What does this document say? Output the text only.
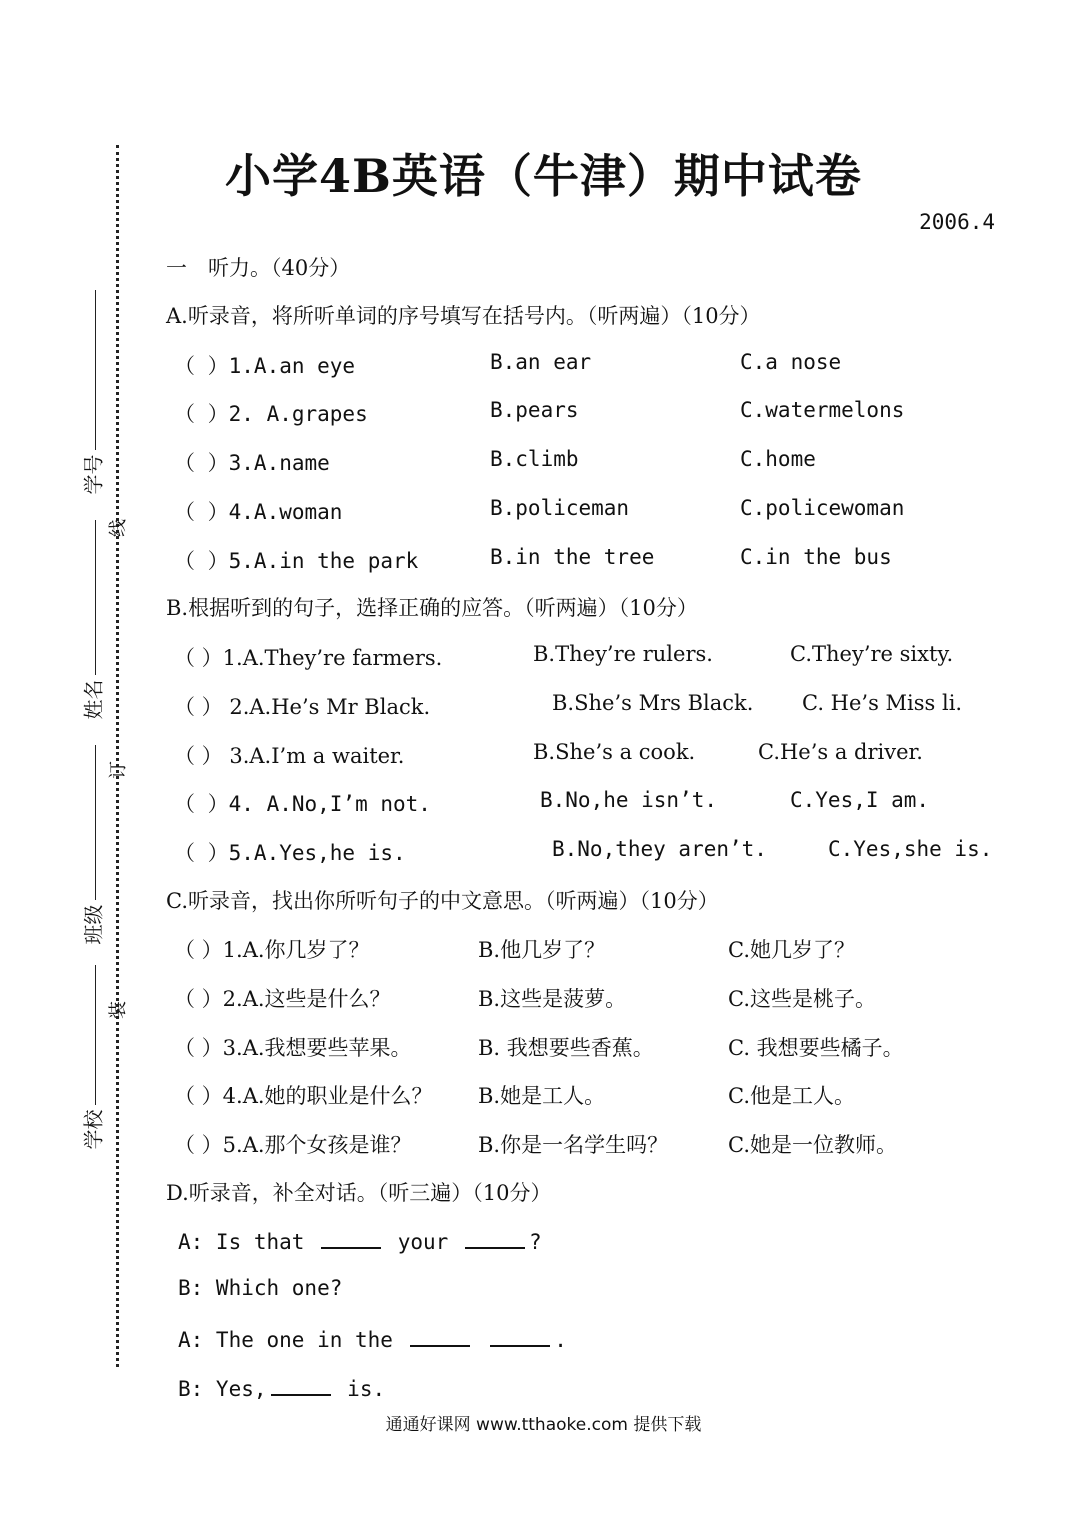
学号
姓名
班级
学校
线
订
装
小学4B英语（牛津）期中试卷
2006.4
一　听力。（40分）
A.听录音，将所听单词的序号填写在括号内。（听两遍）（10分）
（ ）1.A.an eye	B.an ear	C.a nose
（ ）2. A.grapes	B.pears	C.watermelons
（ ）3.A.name	B.climb	C.home
（ ）4.A.woman	B.policeman	C.policewoman
（ ）5.A.in the park	B.in the tree	C.in the bus
B.根据听到的句子，选择正确的应答。（听两遍）（10分）
（ ）1.A.They’re farmers.	B.They’re rulers.	C.They’re sixty.
（ ） 2.A.He’s Mr Black.	B.She’s Mrs Black. C. He’s Miss li.
（ ） 3.A.I’m a waiter.	B.She’s a cook.	C.He’s a driver.
（ ）4. A.No,I’m not.	B.No,he isn’t.	C.Yes,I am.
（ ）5.A.Yes,he is.	B.No,they aren’t.	C.Yes,she is.
C.听录音，找出你所听句子的中文意思。（听两遍）（10分）
（ ）1.A.你几岁了？	B.他几岁了？	C.她几岁了？
（ ）2.A.这些是什么？	B.这些是菠萝。	C.这些是桃子。
（ ）3.A.我想要些苹果。	B. 我想要些香蕉。	C. 我想要些橘子。
（ ）4.A.她的职业是什么？ B.她是工人。	C.他是工人。
（ ）5.A.那个女孩是谁？	B.你是一名学生吗？	C.她是一位教师。
D.听录音，补全对话。（听三遍）（10分）
A: Is that	your	?
B: Which one?
A: The one in the	.
B: Yes,	is.
通通好课网 www.tthaoke.com 提供下载
